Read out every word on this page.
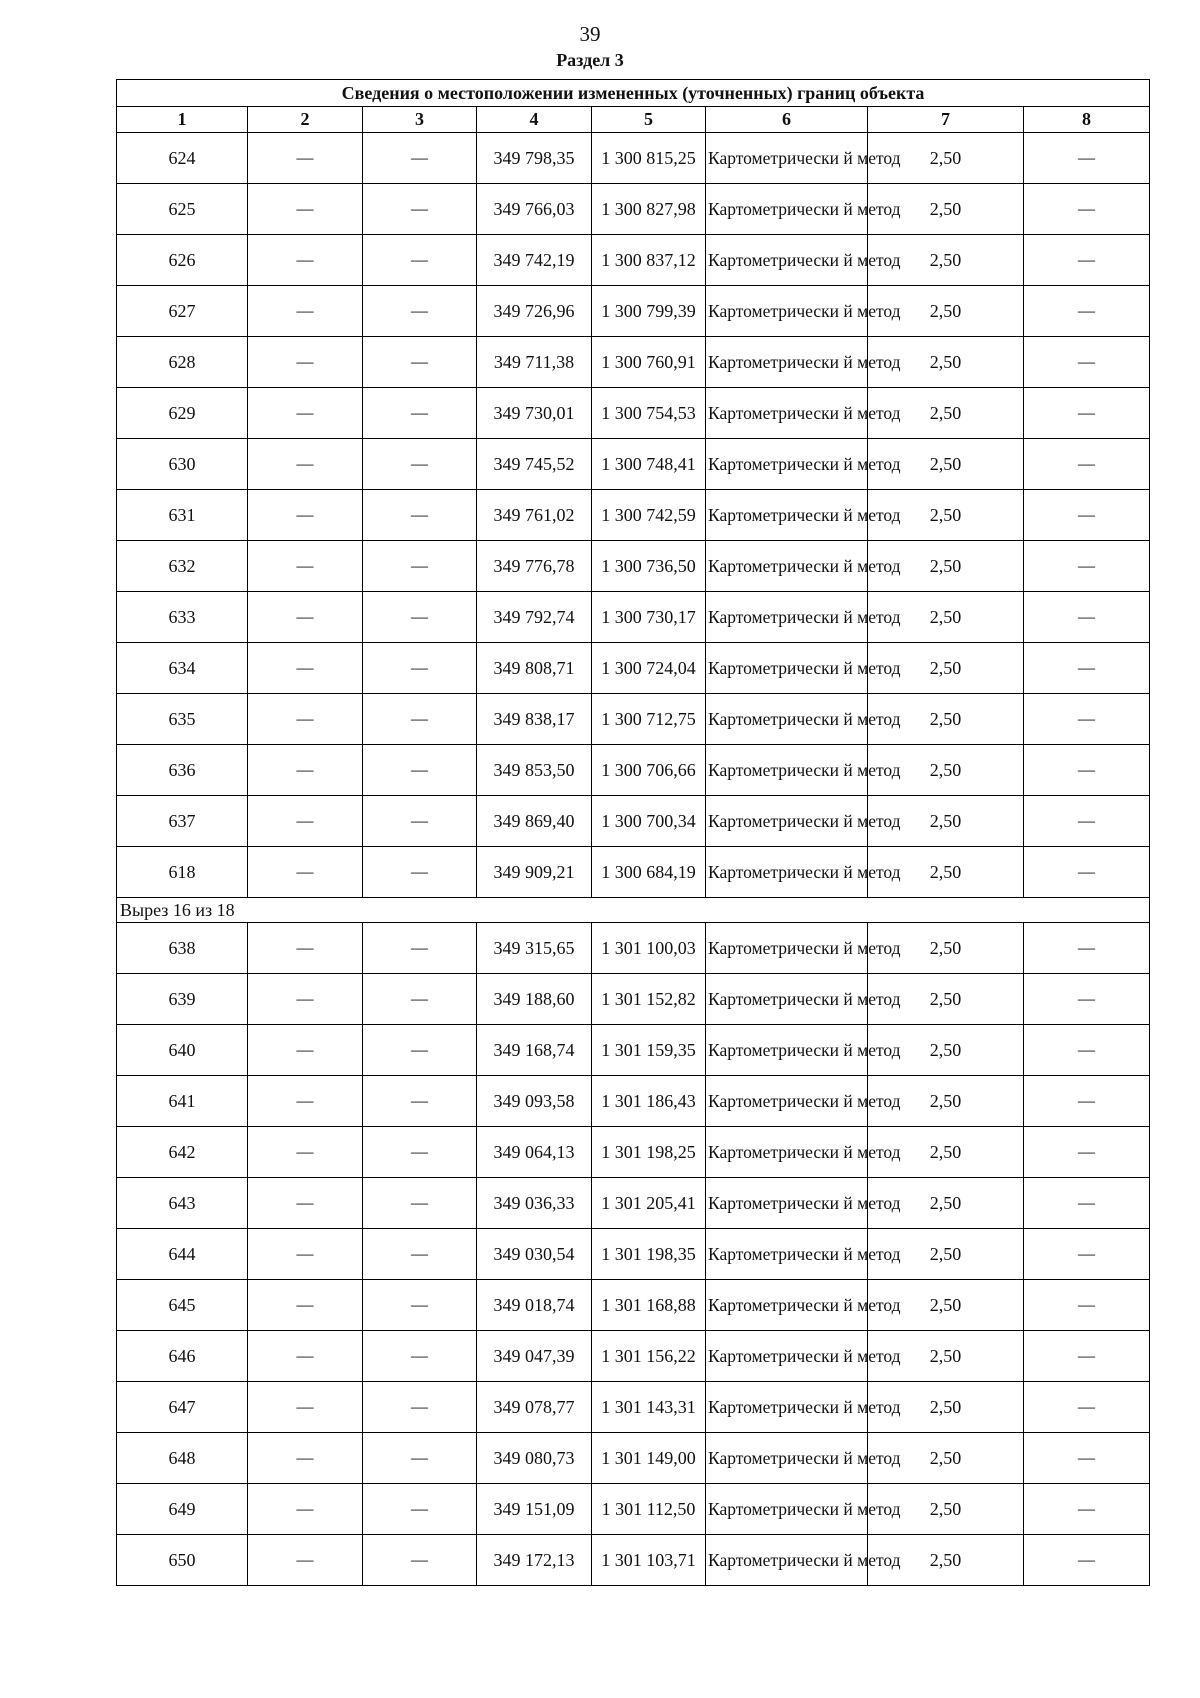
39
Раздел 3
Сведения о местоположении измененных (уточненных) границ объекта							
1	2	3	4	5	6	7	8
624	—	—	349 798,35	1 300 815,25	Картометрически й метод	2,50	—
625	—	—	349 766,03	1 300 827,98	Картометрически й метод	2,50	—
626	—	—	349 742,19	1 300 837,12	Картометрически й метод	2,50	—
627	—	—	349 726,96	1 300 799,39	Картометрически й метод	2,50	—
628	—	—	349 711,38	1 300 760,91	Картометрически й метод	2,50	—
629	—	—	349 730,01	1 300 754,53	Картометрически й метод	2,50	—
630	—	—	349 745,52	1 300 748,41	Картометрически й метод	2,50	—
631	—	—	349 761,02	1 300 742,59	Картометрически й метод	2,50	—
632	—	—	349 776,78	1 300 736,50	Картометрически й метод	2,50	—
633	—	—	349 792,74	1 300 730,17	Картометрически й метод	2,50	—
634	—	—	349 808,71	1 300 724,04	Картометрически й метод	2,50	—
635	—	—	349 838,17	1 300 712,75	Картометрически й метод	2,50	—
636	—	—	349 853,50	1 300 706,66	Картометрически й метод	2,50	—
637	—	—	349 869,40	1 300 700,34	Картометрически й метод	2,50	—
618	—	—	349 909,21	1 300 684,19	Картометрически й метод	2,50	—
Вырез 16 из 18							
638	—	—	349 315,65	1 301 100,03	Картометрически й метод	2,50	—
639	—	—	349 188,60	1 301 152,82	Картометрически й метод	2,50	—
640	—	—	349 168,74	1 301 159,35	Картометрически й метод	2,50	—
641	—	—	349 093,58	1 301 186,43	Картометрически й метод	2,50	—
642	—	—	349 064,13	1 301 198,25	Картометрически й метод	2,50	—
643	—	—	349 036,33	1 301 205,41	Картометрически й метод	2,50	—
644	—	—	349 030,54	1 301 198,35	Картометрически й метод	2,50	—
645	—	—	349 018,74	1 301 168,88	Картометрически й метод	2,50	—
646	—	—	349 047,39	1 301 156,22	Картометрически й метод	2,50	—
647	—	—	349 078,77	1 301 143,31	Картометрически й метод	2,50	—
648	—	—	349 080,73	1 301 149,00	Картометрически й метод	2,50	—
649	—	—	349 151,09	1 301 112,50	Картометрически й метод	2,50	—
650	—	—	349 172,13	1 301 103,71	Картометрически й метод	2,50	—
